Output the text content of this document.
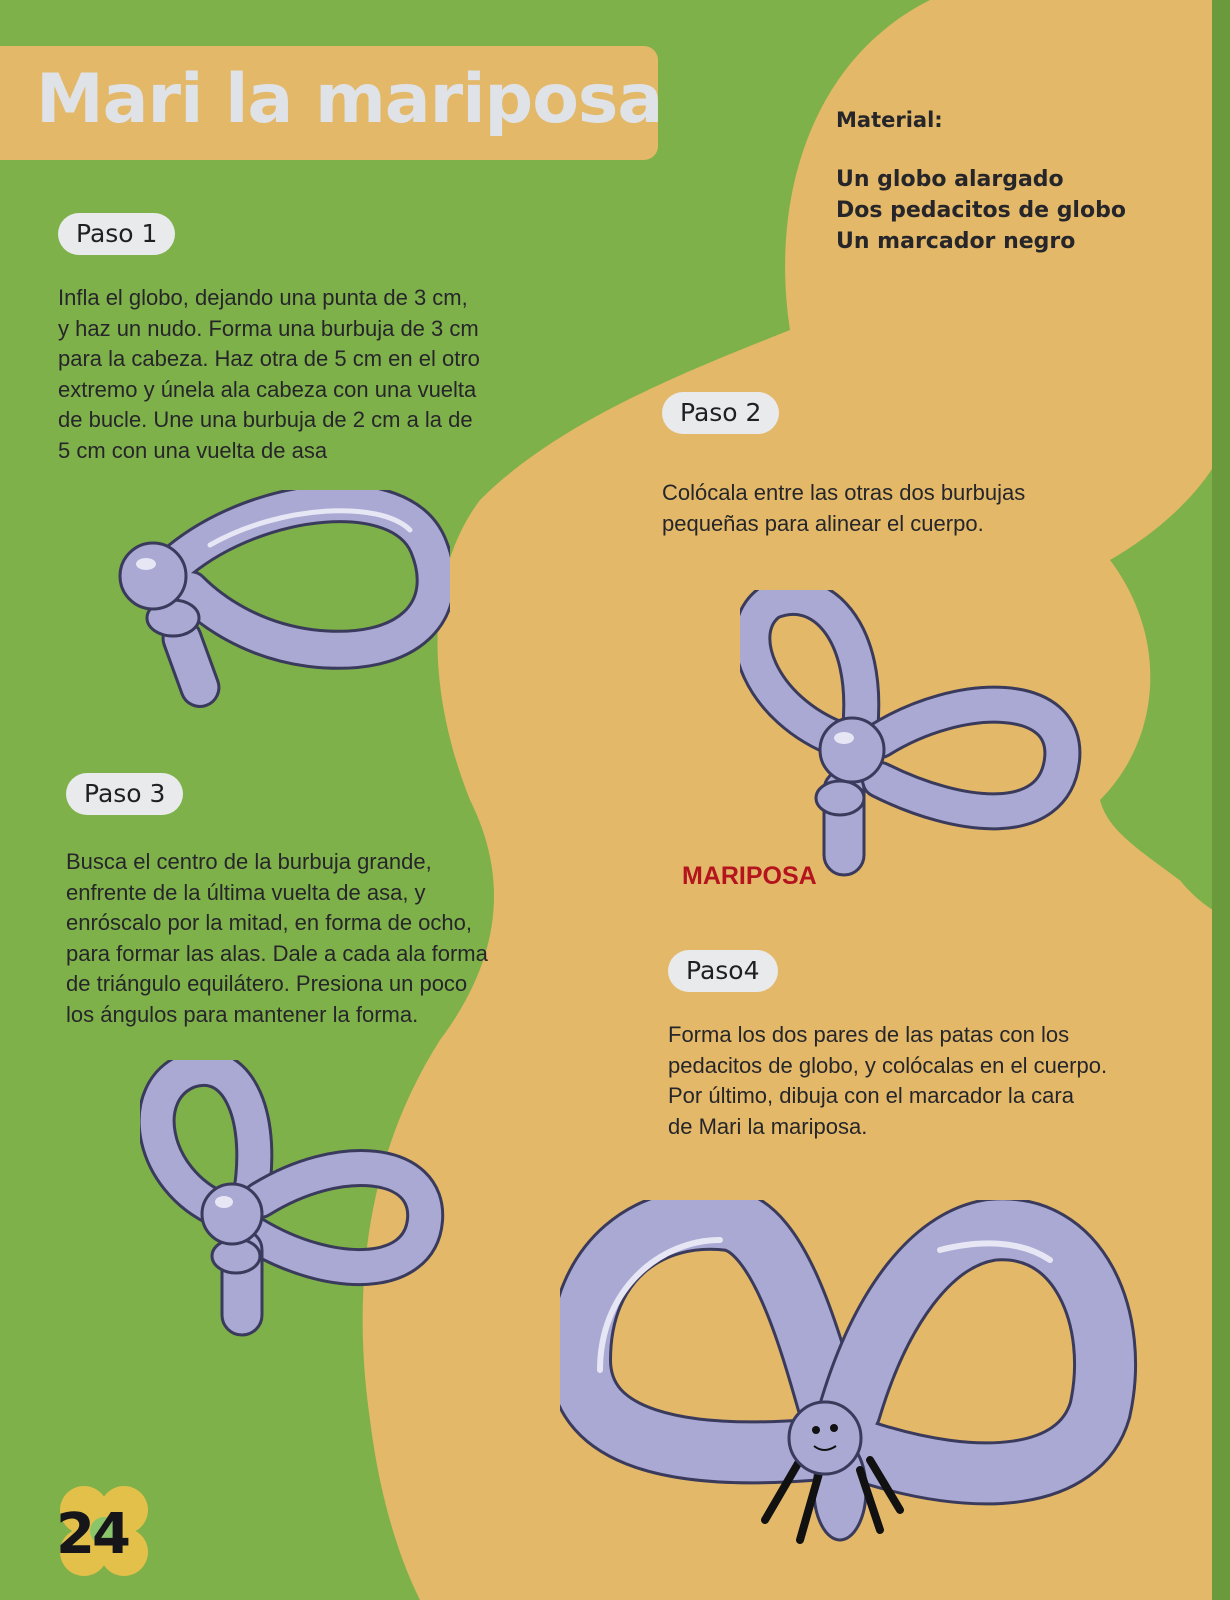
Mari la mariposa	Material:

Un globo alargado
Dos pedacitos de globo
Un marcador negro
Paso 1

Infla el globo, dejando una punta de 3 cm,
y haz un nudo. Forma una burbuja de 3 cm
para la cabeza. Haz otra de 5 cm en el otro
extremo y únela ala cabeza con una vuelta
de bucle. Une una burbuja de 2 cm a la de
5 cm con una vuelta de asa

Paso 2

Colócala entre las otras dos burbujas
pequeñas para alinear el cuerpo.

Paso 3

Busca el centro de la burbuja grande,
enfrente de la última vuelta de asa, y
enróscalo por la mitad, en forma de ocho,
para formar las alas. Dale a cada ala forma
de triángulo equilátero. Presiona un poco
los ángulos para mantener la forma.

Paso4

Forma los dos pares de las patas con los
pedacitos de globo, y colócalas en el cuerpo.
Por último, dibuja con el marcador la cara
de Mari la mariposa.

MARIPOSA
24
